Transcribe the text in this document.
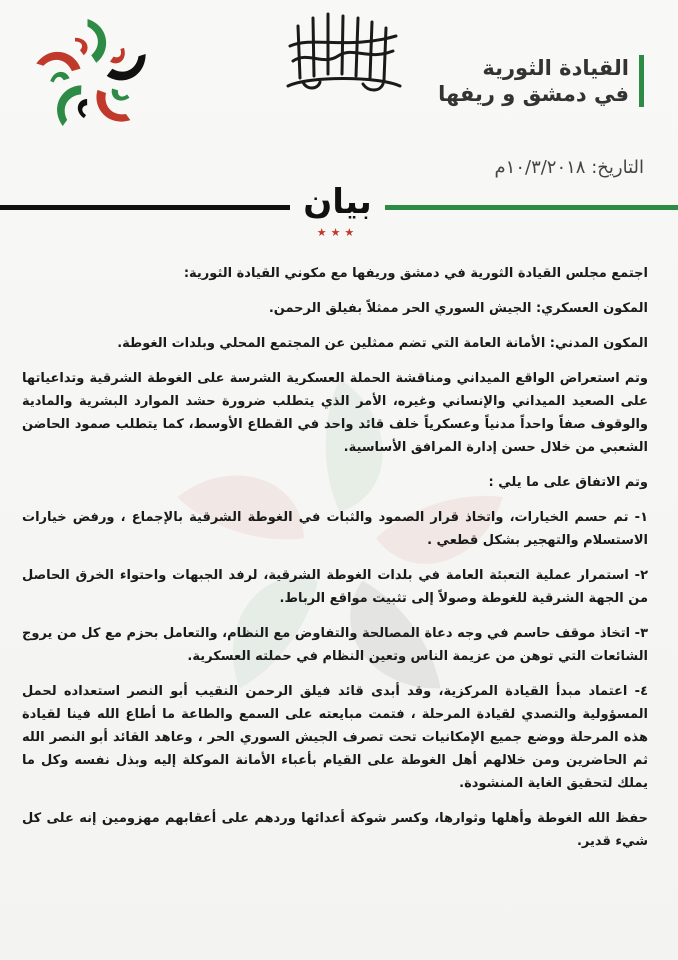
القيادة الثورية
في دمشق و ريفها
التاريخ: ١٠/٣/٢٠١٨م
بيان
★★★

اجتمع مجلس القيادة الثورية في دمشق وريفها مع مكوني القيادة الثورية:

المكون العسكري: الجيش السوري الحر ممثلاً بفيلق الرحمن.

المكون المدني: الأمانة العامة التي تضم ممثلين عن المجتمع المحلي وبلدات الغوطة.

وتم استعراض الواقع الميداني ومناقشة الحملة العسكرية الشرسة على الغوطة الشرقية وتداعياتها على الصعيد الميداني والإنساني وغيره، الأمر الذي يتطلب ضرورة حشد الموارد البشرية والمادية والوقوف صفاً واحداً مدنياً وعسكرياً خلف قائد واحد في القطاع الأوسط، كما يتطلب صمود الحاضن الشعبي من خلال حسن إدارة المرافق الأساسية.

وتم الاتفاق على ما يلي :

١- تم حسم الخيارات، واتخاذ قرار الصمود والثبات في الغوطة الشرقية بالإجماع ، ورفض خيارات الاستسلام والتهجير بشكل قطعي .

٢- استمرار عملية التعبئة العامة في بلدات الغوطة الشرقية، لرفد الجبهات واحتواء الخرق الحاصل من الجهة الشرقية للغوطة وصولاً إلى تثبيت مواقع الرباط.

٣- اتخاذ موقف حاسم في وجه دعاة المصالحة والتفاوض مع النظام، والتعامل بحزم مع كل من يروج الشائعات التي توهن من عزيمة الناس وتعين النظام في حملته العسكرية.

٤- اعتماد مبدأ القيادة المركزية، وقد أبدى قائد فيلق الرحمن النقيب أبو النصر استعداده لحمل المسؤولية والتصدي لقيادة المرحلة ، فتمت مبايعته على السمع والطاعة ما أطاع الله فينا لقيادة هذه المرحلة ووضع جميع الإمكانيات تحت تصرف الجيش السوري الحر ، وعاهد القائد أبو النصر الله ثم الحاضرين ومن خلالهم أهل الغوطة على القيام بأعباء الأمانة الموكلة إليه وبذل نفسه وكل ما يملك لتحقيق الغاية المنشودة.

حفظ الله الغوطة وأهلها وثوارها، وكسر شوكة أعدائها وردهم على أعقابهم مهزومين إنه على كل شيء قدير.
